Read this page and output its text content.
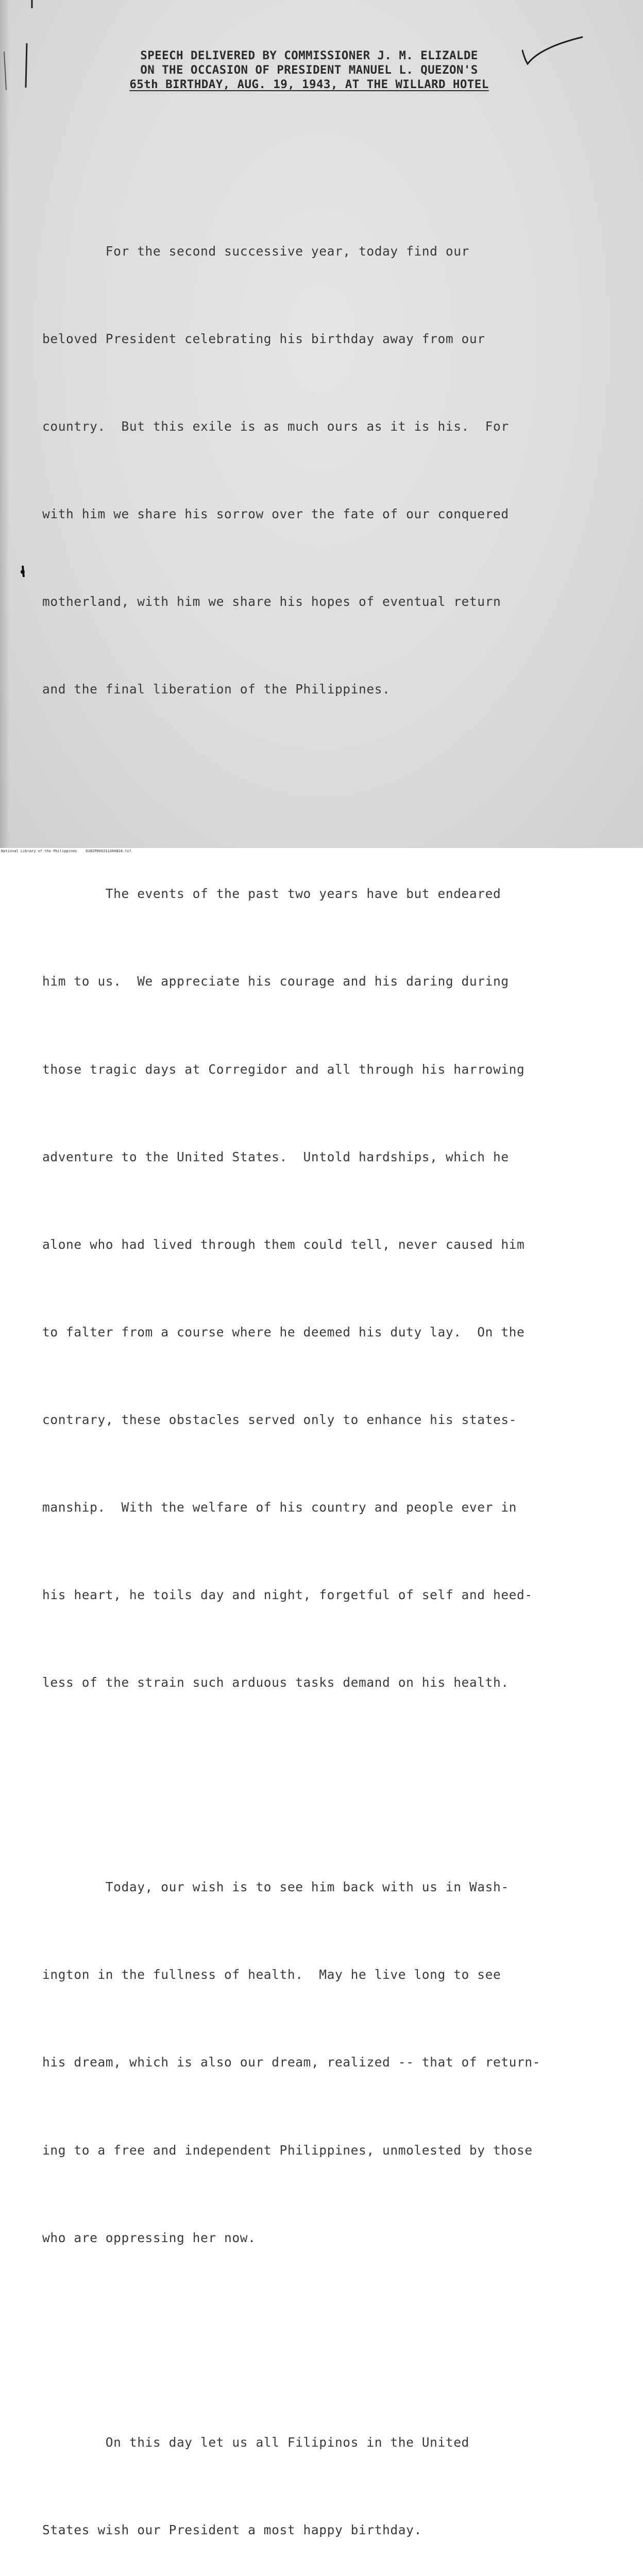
SPEECH DELIVERED BY COMMISSIONER J. M. ELIZALDE
ON THE OCCASION OF PRESIDENT MANUEL L. QUEZON'S
65th BIRTHDAY, AUG. 19, 1943, AT THE WILLARD HOTEL

For the second successive year, today find our

beloved President celebrating his birthday away from our

country.  But this exile is as much ours as it is his.  For

with him we share his sorrow over the fate of our conquered

motherland, with him we share his hopes of eventual return

and the final liberation of the Philippines.

The events of the past two years have but endeared

him to us.  We appreciate his courage and his daring during

those tragic days at Corregidor and all through his harrowing

adventure to the United States.  Untold hardships, which he

alone who had lived through them could tell, never caused him

to falter from a course where he deemed his duty lay.  On the

contrary, these obstacles served only to enhance his states-

manship.  With the welfare of his country and people ever in

his heart, he toils day and night, forgetful of self and heed-

less of the strain such arduous tasks demand on his health.

Today, our wish is to see him back with us in Wash-

ington in the fullness of health.  May he live long to see

his dream, which is also our dream, realized -- that of return-

ing to a free and independent Philippines, unmolested by those

who are oppressing her now.

On this day let us all Filipinos in the United

States wish our President a most happy birthday.

National Library of the Philippines    D182P000211340024.tif
